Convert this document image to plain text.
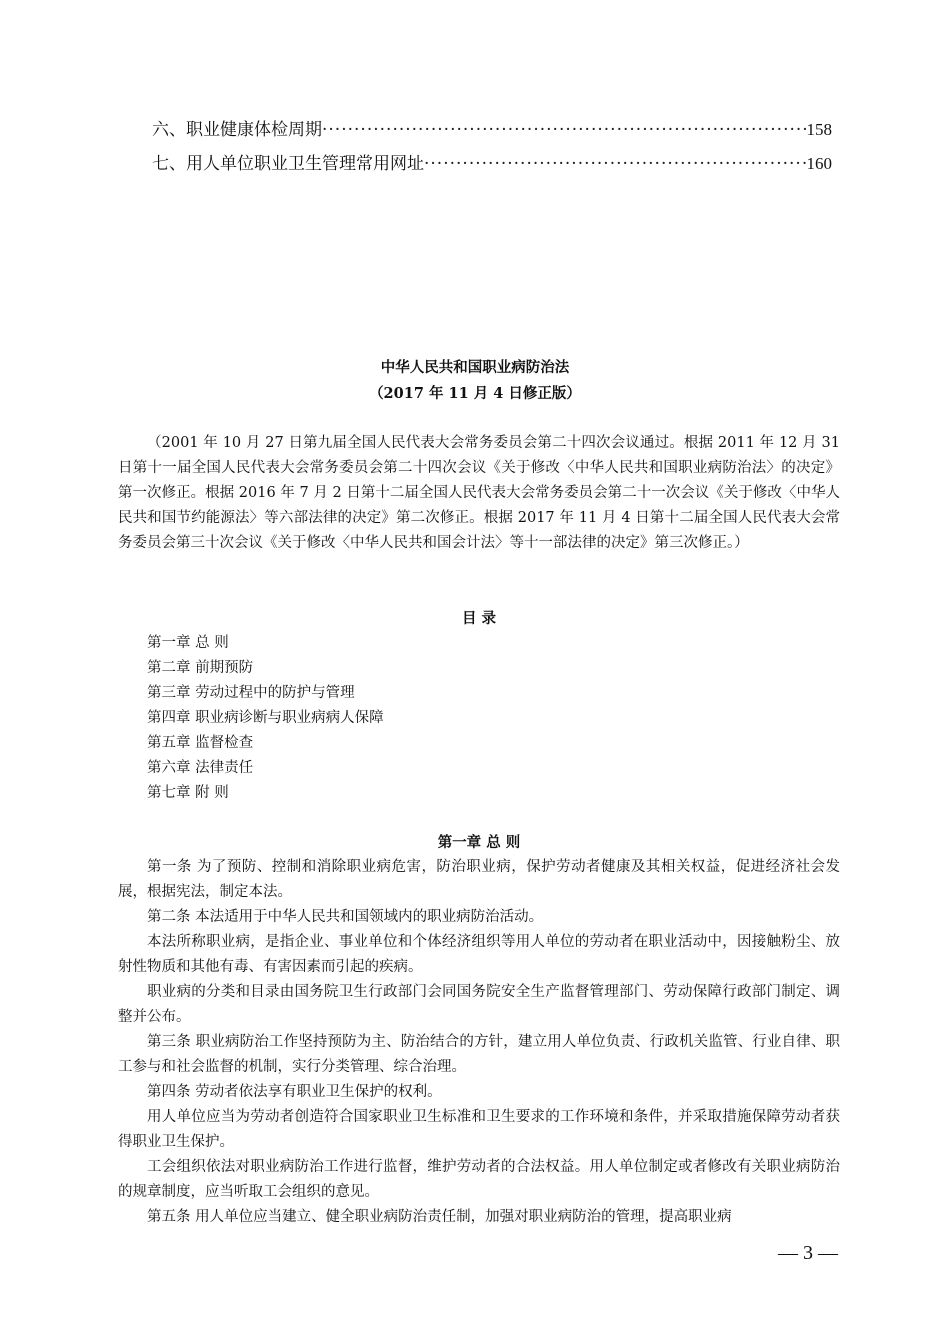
六、职业健康体检周期 ·····	158
七、用人单位职业卫生管理常用网址 ·····	160
中华人民共和国职业病防治法
（2017 年 11 月 4 日修正版）

（2001 年 10 月 27 日第九届全国人民代表大会常务委员会第二十四次会议通过。根据 2011 年 12 月 31 日第十一届全国人民代表大会常务委员会第二十四次会议《关于修改〈中华人民共和国职业病防治法〉的决定》第一次修正。根据 2016 年 7 月 2 日第十二届全国人民代表大会常务委员会第二十一次会议《关于修改〈中华人民共和国节约能源法〉等六部法律的决定》第二次修正。根据 2017 年 11 月 4 日第十二届全国人民代表大会常务委员会第三十次会议《关于修改〈中华人民共和国会计法〉等十一部法律的决定》第三次修正。）

目 录
第一章 总 则
第二章 前期预防
第三章 劳动过程中的防护与管理
第四章 职业病诊断与职业病病人保障
第五章 监督检查
第六章 法律责任
第七章 附 则
第一章 总 则

第一条 为了预防、控制和消除职业病危害，防治职业病，保护劳动者健康及其相关权益，促进经济社会发展，根据宪法，制定本法。

第二条 本法适用于中华人民共和国领域内的职业病防治活动。

本法所称职业病，是指企业、事业单位和个体经济组织等用人单位的劳动者在职业活动中，因接触粉尘、放射性物质和其他有毒、有害因素而引起的疾病。

职业病的分类和目录由国务院卫生行政部门会同国务院安全生产监督管理部门、劳动保障行政部门制定、调整并公布。

第三条 职业病防治工作坚持预防为主、防治结合的方针，建立用人单位负责、行政机关监管、行业自律、职工参与和社会监督的机制，实行分类管理、综合治理。

第四条 劳动者依法享有职业卫生保护的权利。

用人单位应当为劳动者创造符合国家职业卫生标准和卫生要求的工作环境和条件，并采取措施保障劳动者获得职业卫生保护。

工会组织依法对职业病防治工作进行监督，维护劳动者的合法权益。用人单位制定或者修改有关职业病防治的规章制度，应当听取工会组织的意见。

第五条 用人单位应当建立、健全职业病防治责任制，加强对职业病防治的管理，提高职业病

— 3 —
